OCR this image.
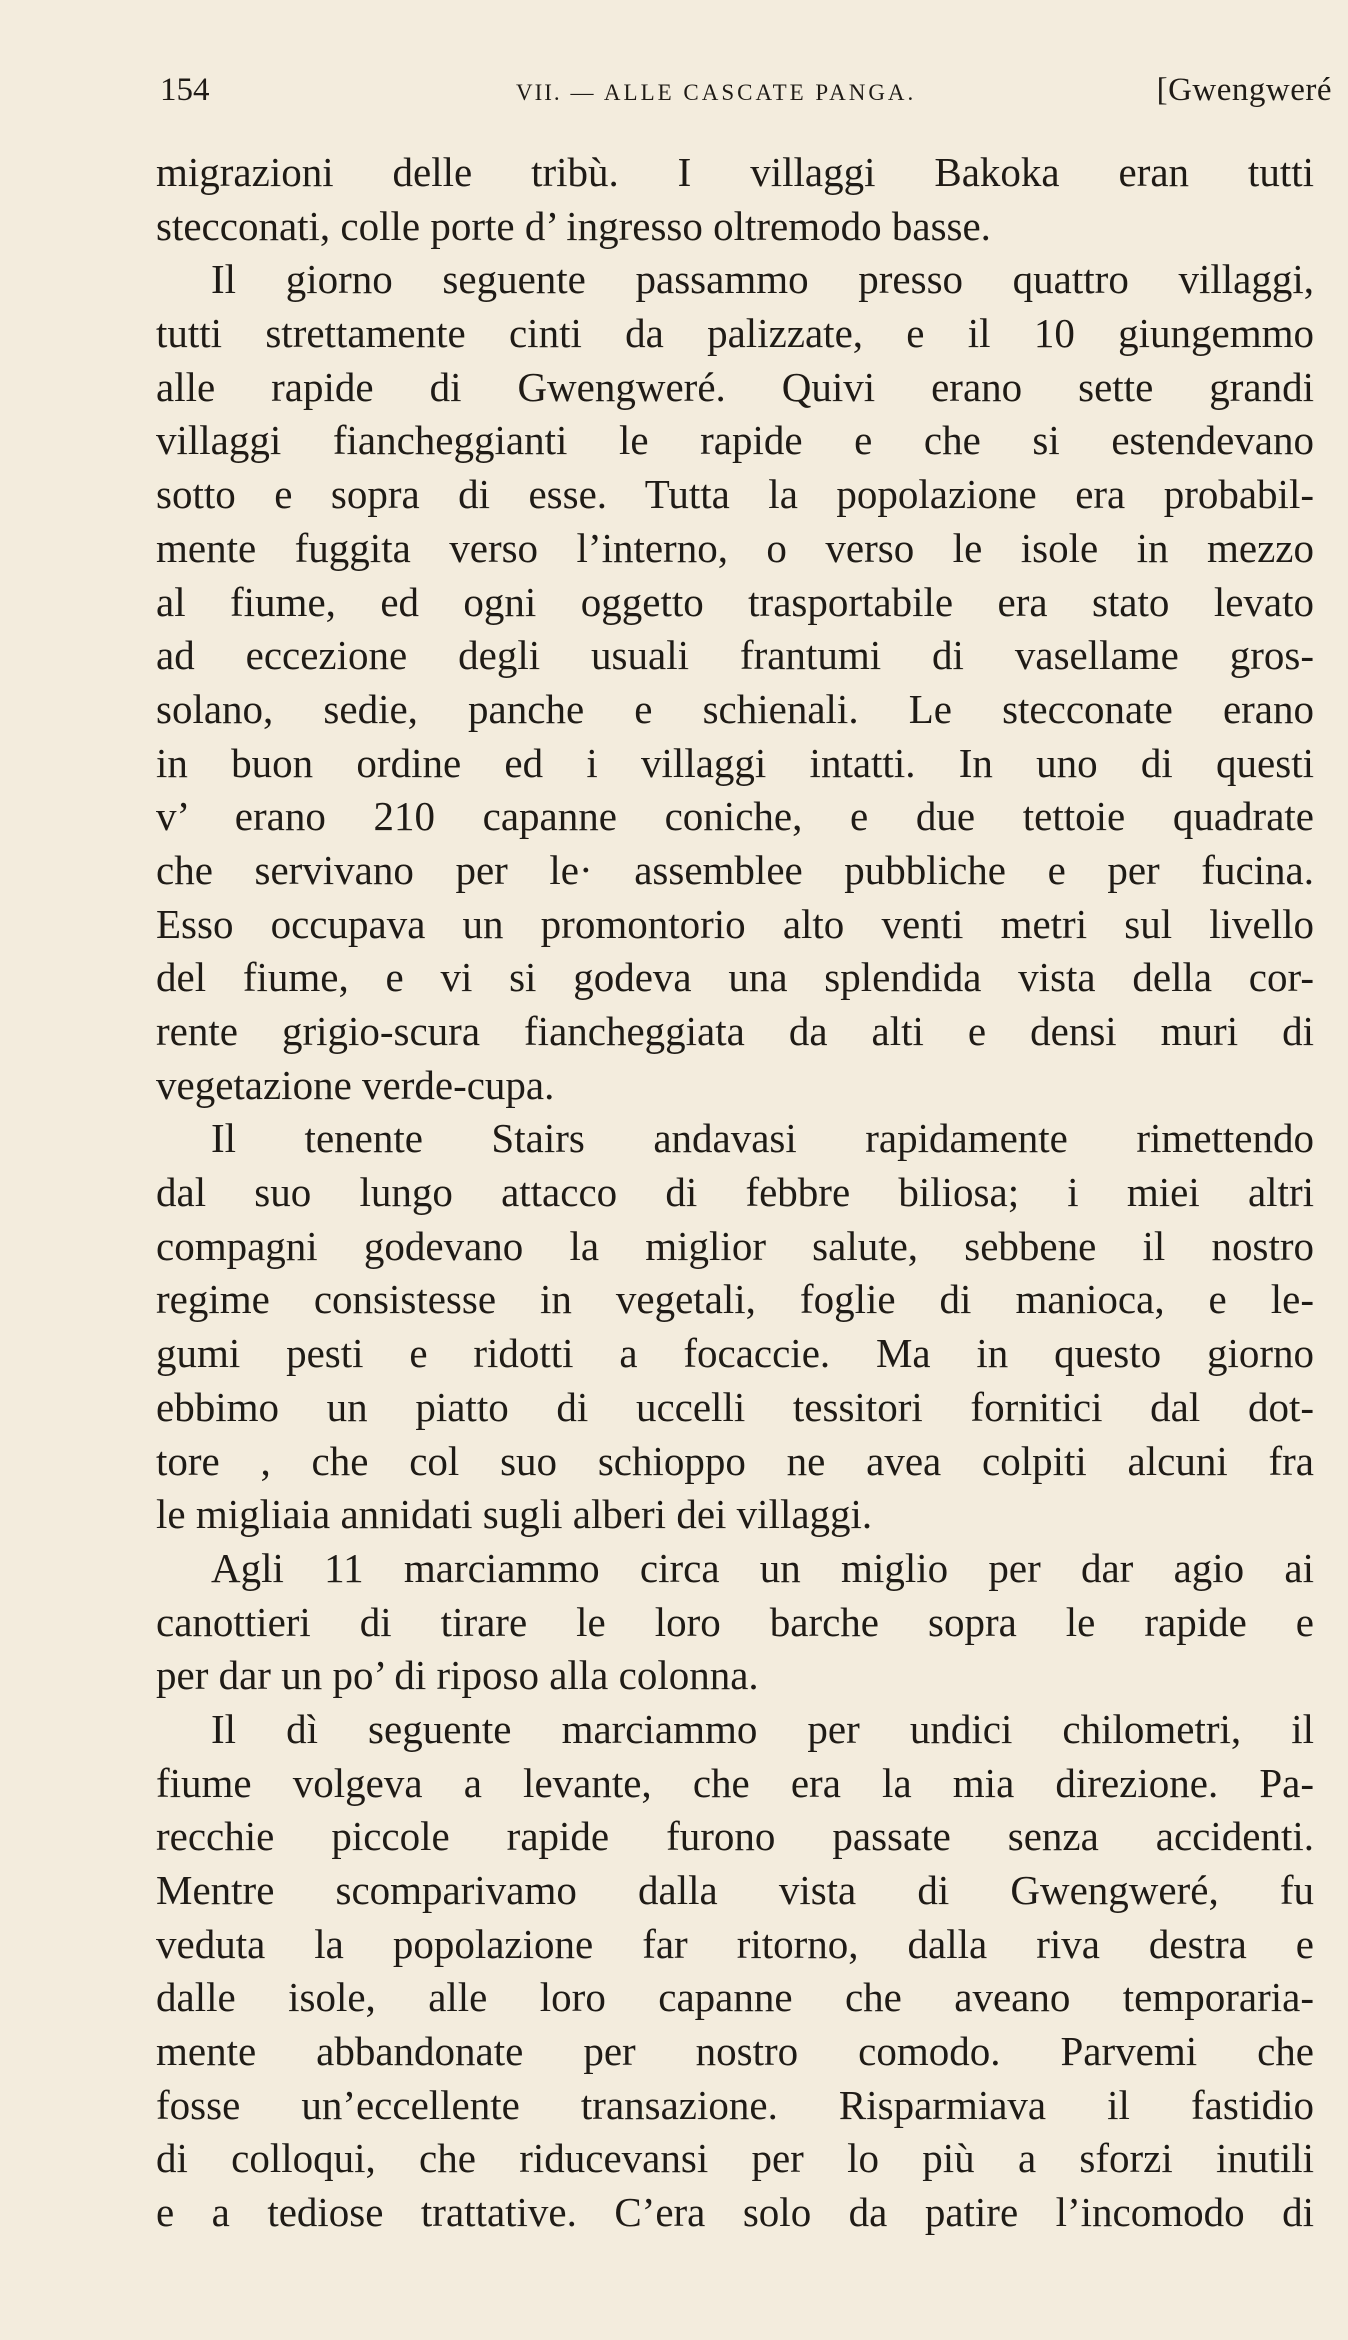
154	VII. — ALLE CASCATE PANGA.	[Gwengweré
migrazioni delle tribù. I villaggi Bakoka eran tutti
stecconati, colle porte d’ ingresso oltremodo basse.
Il giorno seguente passammo presso quattro villaggi,
tutti strettamente cinti da palizzate, e il 10 giungemmo
alle rapide di Gwengweré. Quivi erano sette grandi
villaggi fiancheggianti le rapide e che si estendevano
sotto e sopra di esse. Tutta la popolazione era probabil-
mente fuggita verso l’interno, o verso le isole in mezzo
al fiume, ed ogni oggetto trasportabile era stato levato
ad eccezione degli usuali frantumi di vasellame gros-
solano, sedie, panche e schienali. Le stecconate erano
in buon ordine ed i villaggi intatti. In uno di questi
v’ erano 210 capanne coniche, e due tettoie quadrate
che servivano per le· assemblee pubbliche e per fucina.
Esso occupava un promontorio alto venti metri sul livello
del fiume, e vi si godeva una splendida vista della cor-
rente grigio-scura fiancheggiata da alti e densi muri di
vegetazione verde-cupa.
Il tenente Stairs andavasi rapidamente rimettendo
dal suo lungo attacco di febbre biliosa; i miei altri
compagni godevano la miglior salute, sebbene il nostro
regime consistesse in vegetali, foglie di manioca, e le-
gumi pesti e ridotti a focaccie. Ma in questo giorno
ebbimo un piatto di uccelli tessitori fornitici dal dot-
tore , che col suo schioppo ne avea colpiti alcuni fra
le migliaia annidati sugli alberi dei villaggi.
Agli 11 marciammo circa un miglio per dar agio ai
canottieri di tirare le loro barche sopra le rapide e
per dar un po’ di riposo alla colonna.
Il dì seguente marciammo per undici chilometri, il
fiume volgeva a levante, che era la mia direzione. Pa-
recchie piccole rapide furono passate senza accidenti.
Mentre scomparivamo dalla vista di Gwengweré, fu
veduta la popolazione far ritorno, dalla riva destra e
dalle isole, alle loro capanne che aveano temporaria-
mente abbandonate per nostro comodo. Parvemi che
fosse un’eccellente transazione. Risparmiava il fastidio
di colloqui, che riducevansi per lo più a sforzi inutili
e a tediose trattative. C’era solo da patire l’incomodo di
